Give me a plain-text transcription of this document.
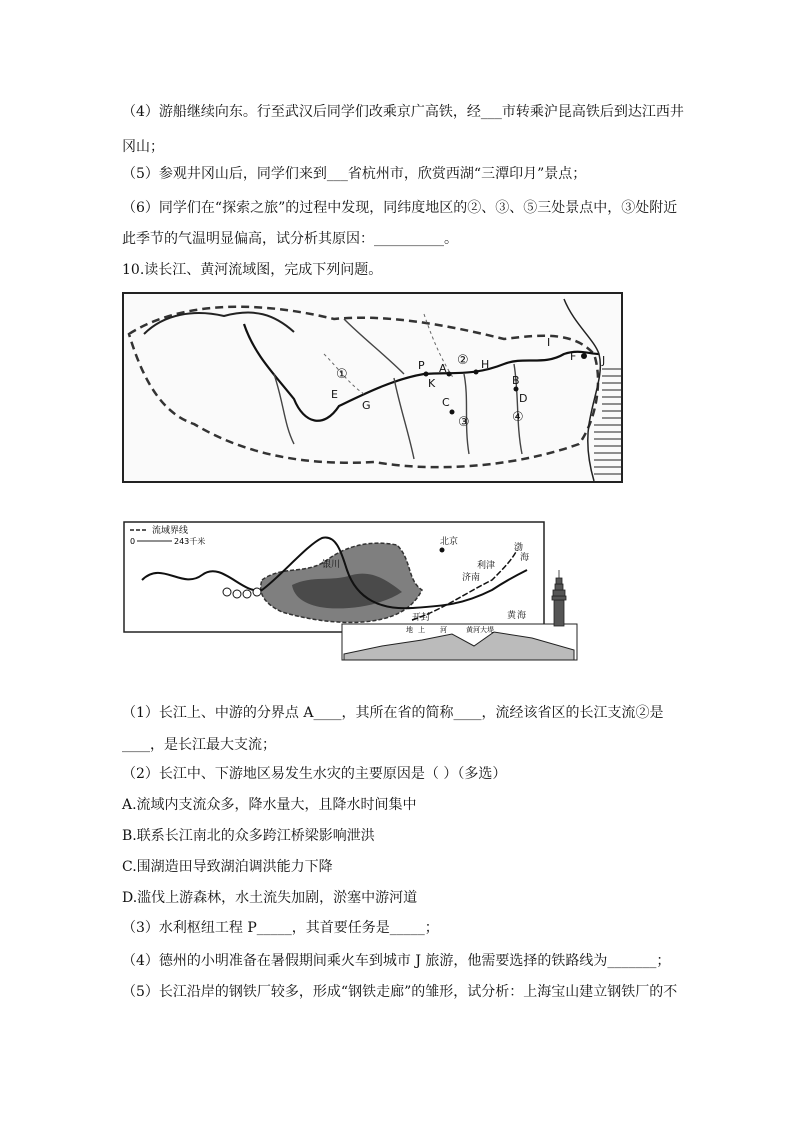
（4）游船继续向东。行至武汉后同学们改乘京广高铁，经___市转乘沪昆高铁后到达江西井
冈山；
（5）参观井冈山后，同学们来到___省杭州市，欣赏西湖“三潭印月”景点；
（6）同学们在“探索之旅”的过程中发现，同纬度地区的②、③、⑤三处景点中，③处附近
此季节的气温明显偏高，试分析其原因：__________。
10.读长江、黄河流域图，完成下列问题。
I
F J
P A
② H
K	B
D
C
③	④
①
E
G
流域界线
0	243千米
银川
北京
济南
利津
开封
渤
海
黄 海
地 上 河	黄河大堤
（1）长江上、中游的分界点 A____，其所在省的简称____，流经该省区的长江支流②是
____，是长江最大支流；
（2）长江中、下游地区易发生水灾的主要原因是（ ）（多选）
A.流域内支流众多，降水量大，且降水时间集中
B.联系长江南北的众多跨江桥梁影响泄洪
C.围湖造田导致湖泊调洪能力下降
D.滥伐上游森林，水土流失加剧，淤塞中游河道
（3）水利枢纽工程 P_____，其首要任务是_____；
（4）德州的小明准备在暑假期间乘火车到城市 J 旅游，他需要选择的铁路线为_______；
（5）长江沿岸的钢铁厂较多，形成“钢铁走廊”的雏形，试分析：上海宝山建立钢铁厂的不
